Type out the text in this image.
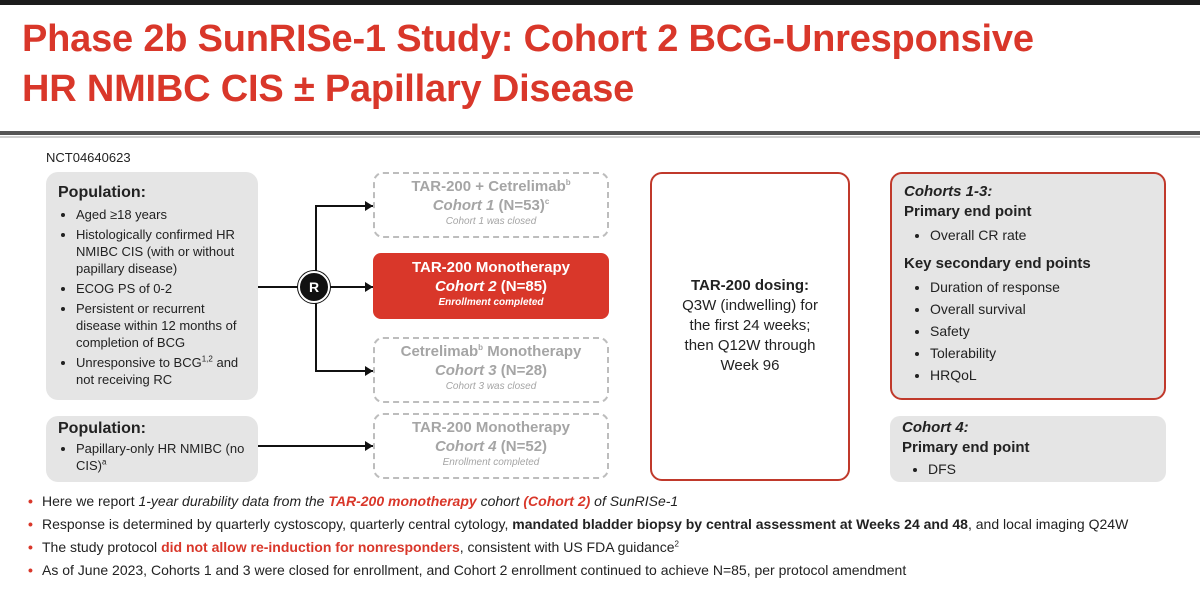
Phase 2b SunRISe-1 Study: Cohort 2 BCG-Unresponsive
HR NMIBC CIS ± Papillary Disease
NCT04640623
Population:
• Aged ≥18 years
• Histologically confirmed HR NMIBC CIS (with or without papillary disease)
• ECOG PS of 0-2
• Persistent or recurrent disease within 12 months of completion of BCG
• Unresponsive to BCG$^{1,2}$ and not receiving RC
Population:
• Papillary-only HR NMIBC (no CIS)$^a$
R
TAR-200 + Cetrelimab$^b$
Cohort 1 (N=53)$^c$
Cohort 1 was closed
TAR-200 Monotherapy
Cohort 2 (N=85)
Enrollment completed
Cetrelimab$^b$ Monotherapy
Cohort 3 (N=28)
Cohort 3 was closed
TAR-200 Monotherapy
Cohort 4 (N=52)
Enrollment completed
TAR-200 dosing:
Q3W (indwelling) for
the first 24 weeks;
then Q12W through
Week 96
Cohorts 1-3:
Primary end point
• Overall CR rate
Key secondary end points
• Duration of response
• Overall survival
• Safety
• Tolerability
• HRQoL
Cohort 4:
Primary end point
• DFS
• Here we report 1-year durability data from the TAR-200 monotherapy cohort (Cohort 2) of SunRISe-1
• Response is determined by quarterly cystoscopy, quarterly central cytology, mandated bladder biopsy by central assessment at Weeks 24 and 48, and local imaging Q24W
• The study protocol did not allow re-induction for nonresponders, consistent with US FDA guidance$^2$
• As of June 2023, Cohorts 1 and 3 were closed for enrollment, and Cohort 2 enrollment continued to achieve N=85, per protocol amendment
